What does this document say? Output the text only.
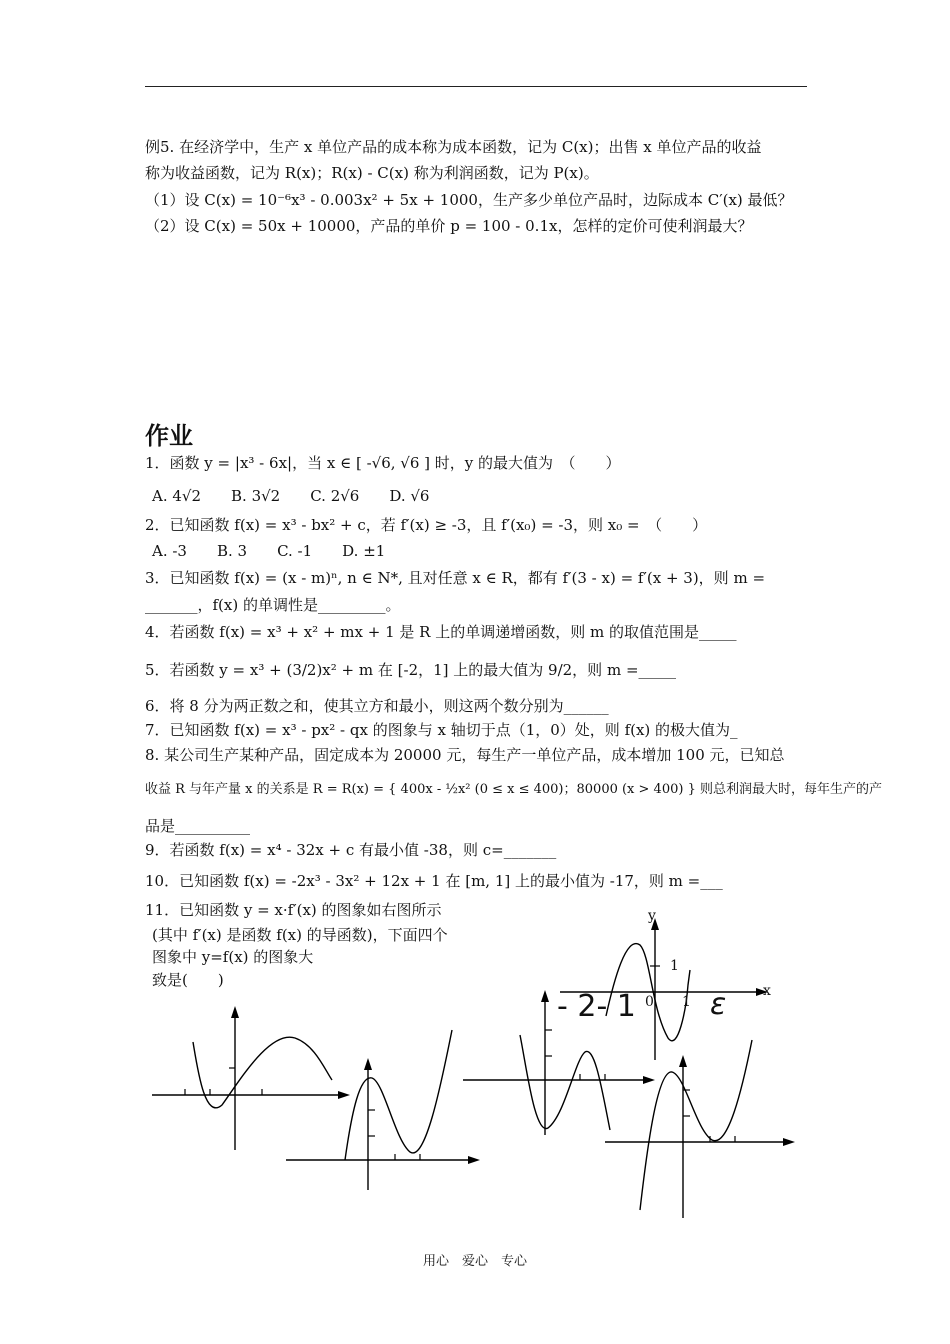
例5. 在经济学中，生产 x 单位产品的成本称为成本函数，记为 C(x)；出售 x 单位产品的收益
称为收益函数，记为 R(x)；R(x) - C(x) 称为利润函数，记为 P(x)。
（1）设 C(x) = 10⁻⁶x³ - 0.003x² + 5x + 1000，生产多少单位产品时，边际成本 C′(x) 最低？
（2）设 C(x) = 50x + 10000，产品的单价 p = 100 - 0.1x，怎样的定价可使利润最大？
作业
1．函数 y = |x³ - 6x|，当 x ∈ [ -√6, √6 ] 时，y 的最大值为　（　　）
A. 4√2　　B. 3√2　　C. 2√6　　D. √6
2．已知函数 f(x) = x³ - bx² + c，若 f′(x) ≥ -3，且 f′(x₀) = -3，则 x₀ =　（　　）
A. -3　　B. 3　　C. -1　　D. ±1
3．已知函数 f(x) = (x - m)ⁿ, n ∈ N*, 且对任意 x ∈ R，都有 f′(3 - x) = f′(x + 3)，则 m =
_______，f(x) 的单调性是_________。
4．若函数 f(x) = x³ + x² + mx + 1 是 R 上的单调递增函数，则 m 的取值范围是_____
5．若函数 y = x³ + (3/2)x² + m 在 [-2，1] 上的最大值为 9/2，则 m =_____
6．将 8 分为两正数之和，使其立方和最小，则这两个数分别为______
7．已知函数 f(x) = x³ - px² - qx 的图象与 x 轴切于点（1，0）处，则 f(x) 的极大值为_
8. 某公司生产某种产品，固定成本为 20000 元，每生产一单位产品，成本增加 100 元，已知总
收益 R 与年产量 x 的关系是 R = R(x) = { 400x - ½x² (0 ≤ x ≤ 400)；80000 (x > 400) } 则总利润最大时，每年生产的产
品是__________
9．若函数 f(x) = x⁴ - 32x + c 有最小值 -38，则 c=_______
10．已知函数 f(x) = -2x³ - 3x² + 12x + 1 在 [m, 1] 上的最小值为 -17，则 m =___
11．已知函数 y = x·f′(x) 的图象如右图所示
(其中 f′(x) 是函数 f(x) 的导函数)，下面四个
图象中 y=f(x) 的图象大
致是(　　)
y
x
1
0 1
- 2- 1 ε
用心　爱心　专心
